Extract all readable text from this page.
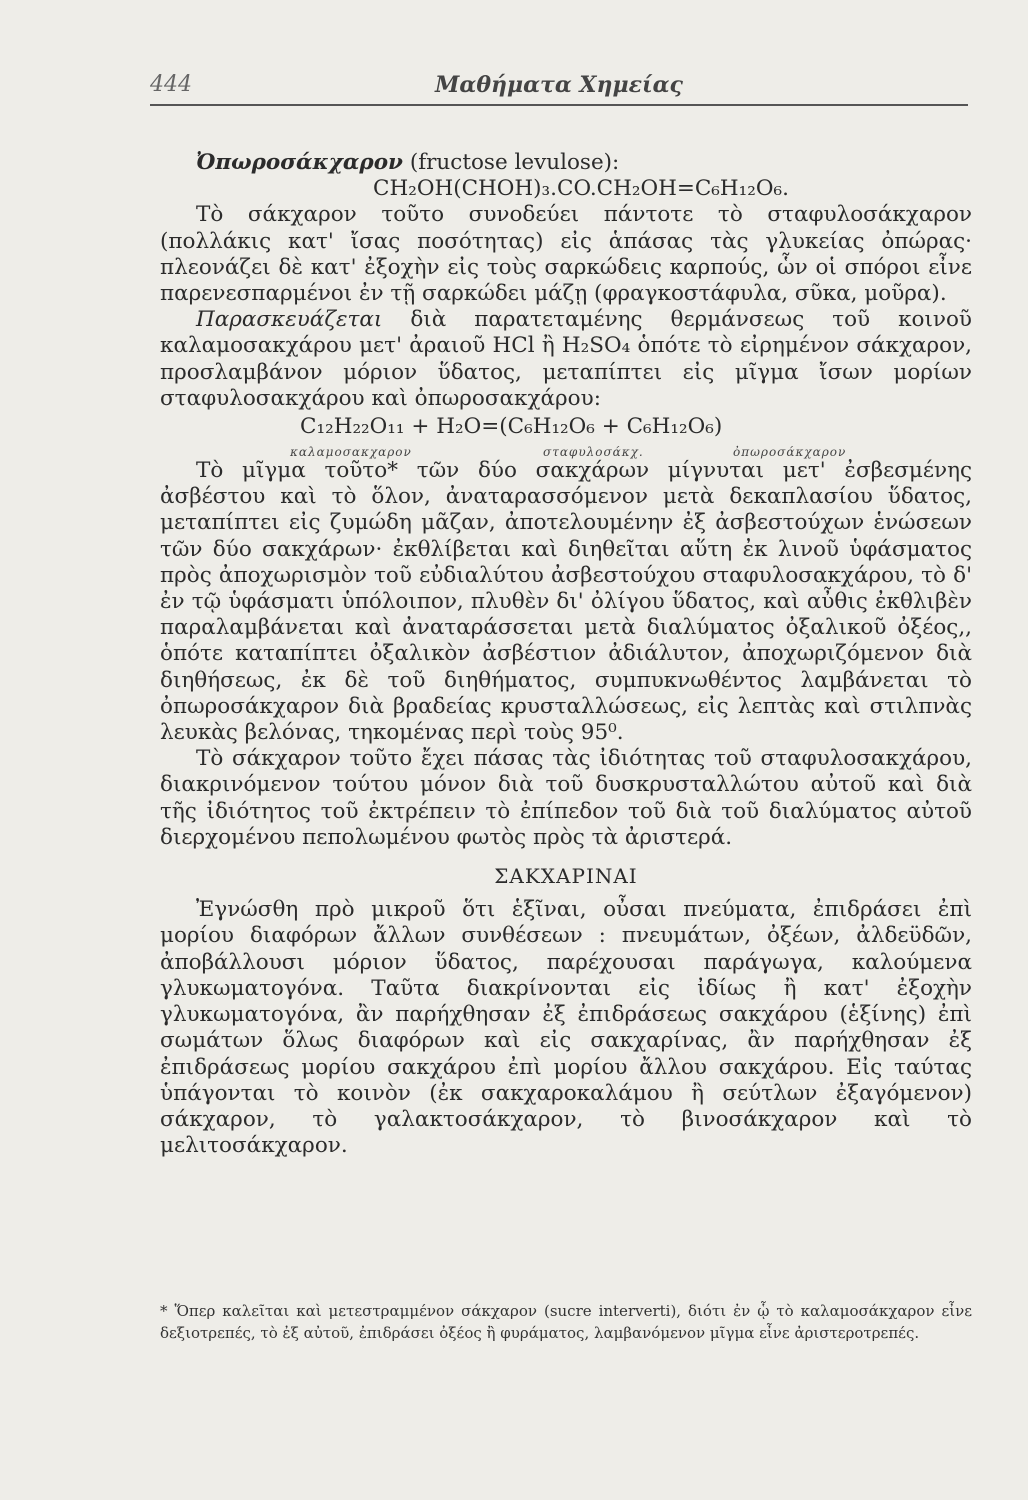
444	Μαθήματα Χημείας

Ὀπωροσάκχαρον (fructose levulose):

CH₂OH(CHOH)₃.CO.CH₂OH=C₆H₁₂O₆.

Τὸ σάκχαρον τοῦτο συνοδεύει πάντοτε τὸ σταφυλοσάκχαρον (πολλάκις κατ' ἴσας ποσότητας) εἰς ἁπάσας τὰς γλυκείας ὀπώρας· πλεονάζει δὲ κατ' ἐξοχὴν εἰς τοὺς σαρκώδεις καρπούς, ὧν οἱ σπόροι εἶνε παρενεσπαρμένοι ἐν τῇ σαρκώδει μάζῃ (φραγκοστάφυλα, σῦκα, μοῦρα).

Παρασκευάζεται διὰ παρατεταμένης θερμάνσεως τοῦ κοινοῦ καλαμοσακχάρου μετ' ἀραιοῦ HCl ἢ H₂SO₄ ὁπότε τὸ εἰρημένον σάκχαρον, προσλαμβάνον μόριον ὕδατος, μεταπίπτει εἰς μῖγμα ἴσων μορίων σταφυλοσακχάρου καὶ ὀπωροσακχάρου:

C₁₂H₂₂O₁₁ + H₂O=(C₆H₁₂O₆ + C₆H₁₂O₆)
καλαμοσακχαρον	σταφυλοσάκχ.	ὀπωροσάκχαρον

Τὸ μῖγμα τοῦτο* τῶν δύο σακχάρων μίγνυται μετ' ἐσβεσμένης ἀσβέστου καὶ τὸ ὅλον, ἀναταρασσόμενον μετὰ δεκαπλασίου ὕδατος, μεταπίπτει εἰς ζυμώδη μᾶζαν, ἀποτελουμένην ἐξ ἀσβεστούχων ἑνώσεων τῶν δύο σακχάρων· ἐκθλίβεται καὶ διηθεῖται αὕτη ἐκ λινοῦ ὑφάσματος πρὸς ἀποχωρισμὸν τοῦ εὐδιαλύτου ἀσβεστούχου σταφυλοσακχάρου, τὸ δ' ἐν τῷ ὑφάσματι ὑπόλοιπον, πλυθὲν δι' ὀλίγου ὕδατος, καὶ αὖθις ἐκθλιβὲν παραλαμβάνεται καὶ ἀναταράσσεται μετὰ διαλύματος ὀξαλικοῦ ὀξέος,, ὁπότε καταπίπτει ὀξαλικὸν ἀσβέστιον ἀδιάλυτον, ἀποχωριζόμενον διὰ διηθήσεως, ἐκ δὲ τοῦ διηθήματος, συμπυκνωθέντος λαμβάνεται τὸ ὀπωροσάκχαρον διὰ βραδείας κρυσταλλώσεως, εἰς λεπτὰς καὶ στιλπνὰς λευκὰς βελόνας, τηκομένας περὶ τοὺς 95⁰.

Τὸ σάκχαρον τοῦτο ἔχει πάσας τὰς ἰδιότητας τοῦ σταφυλοσακχάρου, διακρινόμενον τούτου μόνον διὰ τοῦ δυσκρυσταλλώτου αὐτοῦ καὶ διὰ τῆς ἰδιότητος τοῦ ἐκτρέπειν τὸ ἐπίπεδον τοῦ διὰ τοῦ διαλύματος αὐτοῦ διερχομένου πεπολωμένου φωτὸς πρὸς τὰ ἀριστερά.

ΣΑΚΧΑΡΙΝΑΙ

Ἐγνώσθη πρὸ μικροῦ ὅτι ἑξῖναι, οὖσαι πνεύματα, ἐπιδράσει ἐπὶ μορίου διαφόρων ἄλλων συνθέσεων : πνευμάτων, ὀξέων, ἀλδεϋδῶν, ἀποβάλλουσι μόριον ὕδατος, παρέχουσαι παράγωγα, καλούμενα γλυκωματογόνα. Ταῦτα διακρίνονται εἰς ἰδίως ἢ κατ' ἐξοχὴν γλυκωματογόνα, ἂν παρήχθησαν ἐξ ἐπιδράσεως σακχάρου (ἑξίνης) ἐπὶ σωμάτων ὅλως διαφόρων καὶ εἰς σακχαρίνας, ἂν παρήχθησαν ἐξ ἐπιδράσεως μορίου σακχάρου ἐπὶ μορίου ἄλλου σακχάρου. Εἰς ταύτας ὑπάγονται τὸ κοινὸν (ἐκ σακχαροκαλάμου ἢ σεύτλων ἐξαγόμενον) σάκχαρον, τὸ γαλακτοσάκχαρον, τὸ βινοσάκχαρον καὶ τὸ μελιτοσάκχαρον.

* Ὅπερ καλεῖται καὶ μετεστραμμένον σάκχαρον (sucre interverti), διότι ἐν ᾧ τὸ καλαμοσάκχαρον εἶνε δεξιοτρεπές, τὸ ἐξ αὐτοῦ, ἐπιδράσει ὀξέος ἢ φυράματος, λαμβανόμενον μῖγμα εἶνε ἀριστεροτρεπές.
